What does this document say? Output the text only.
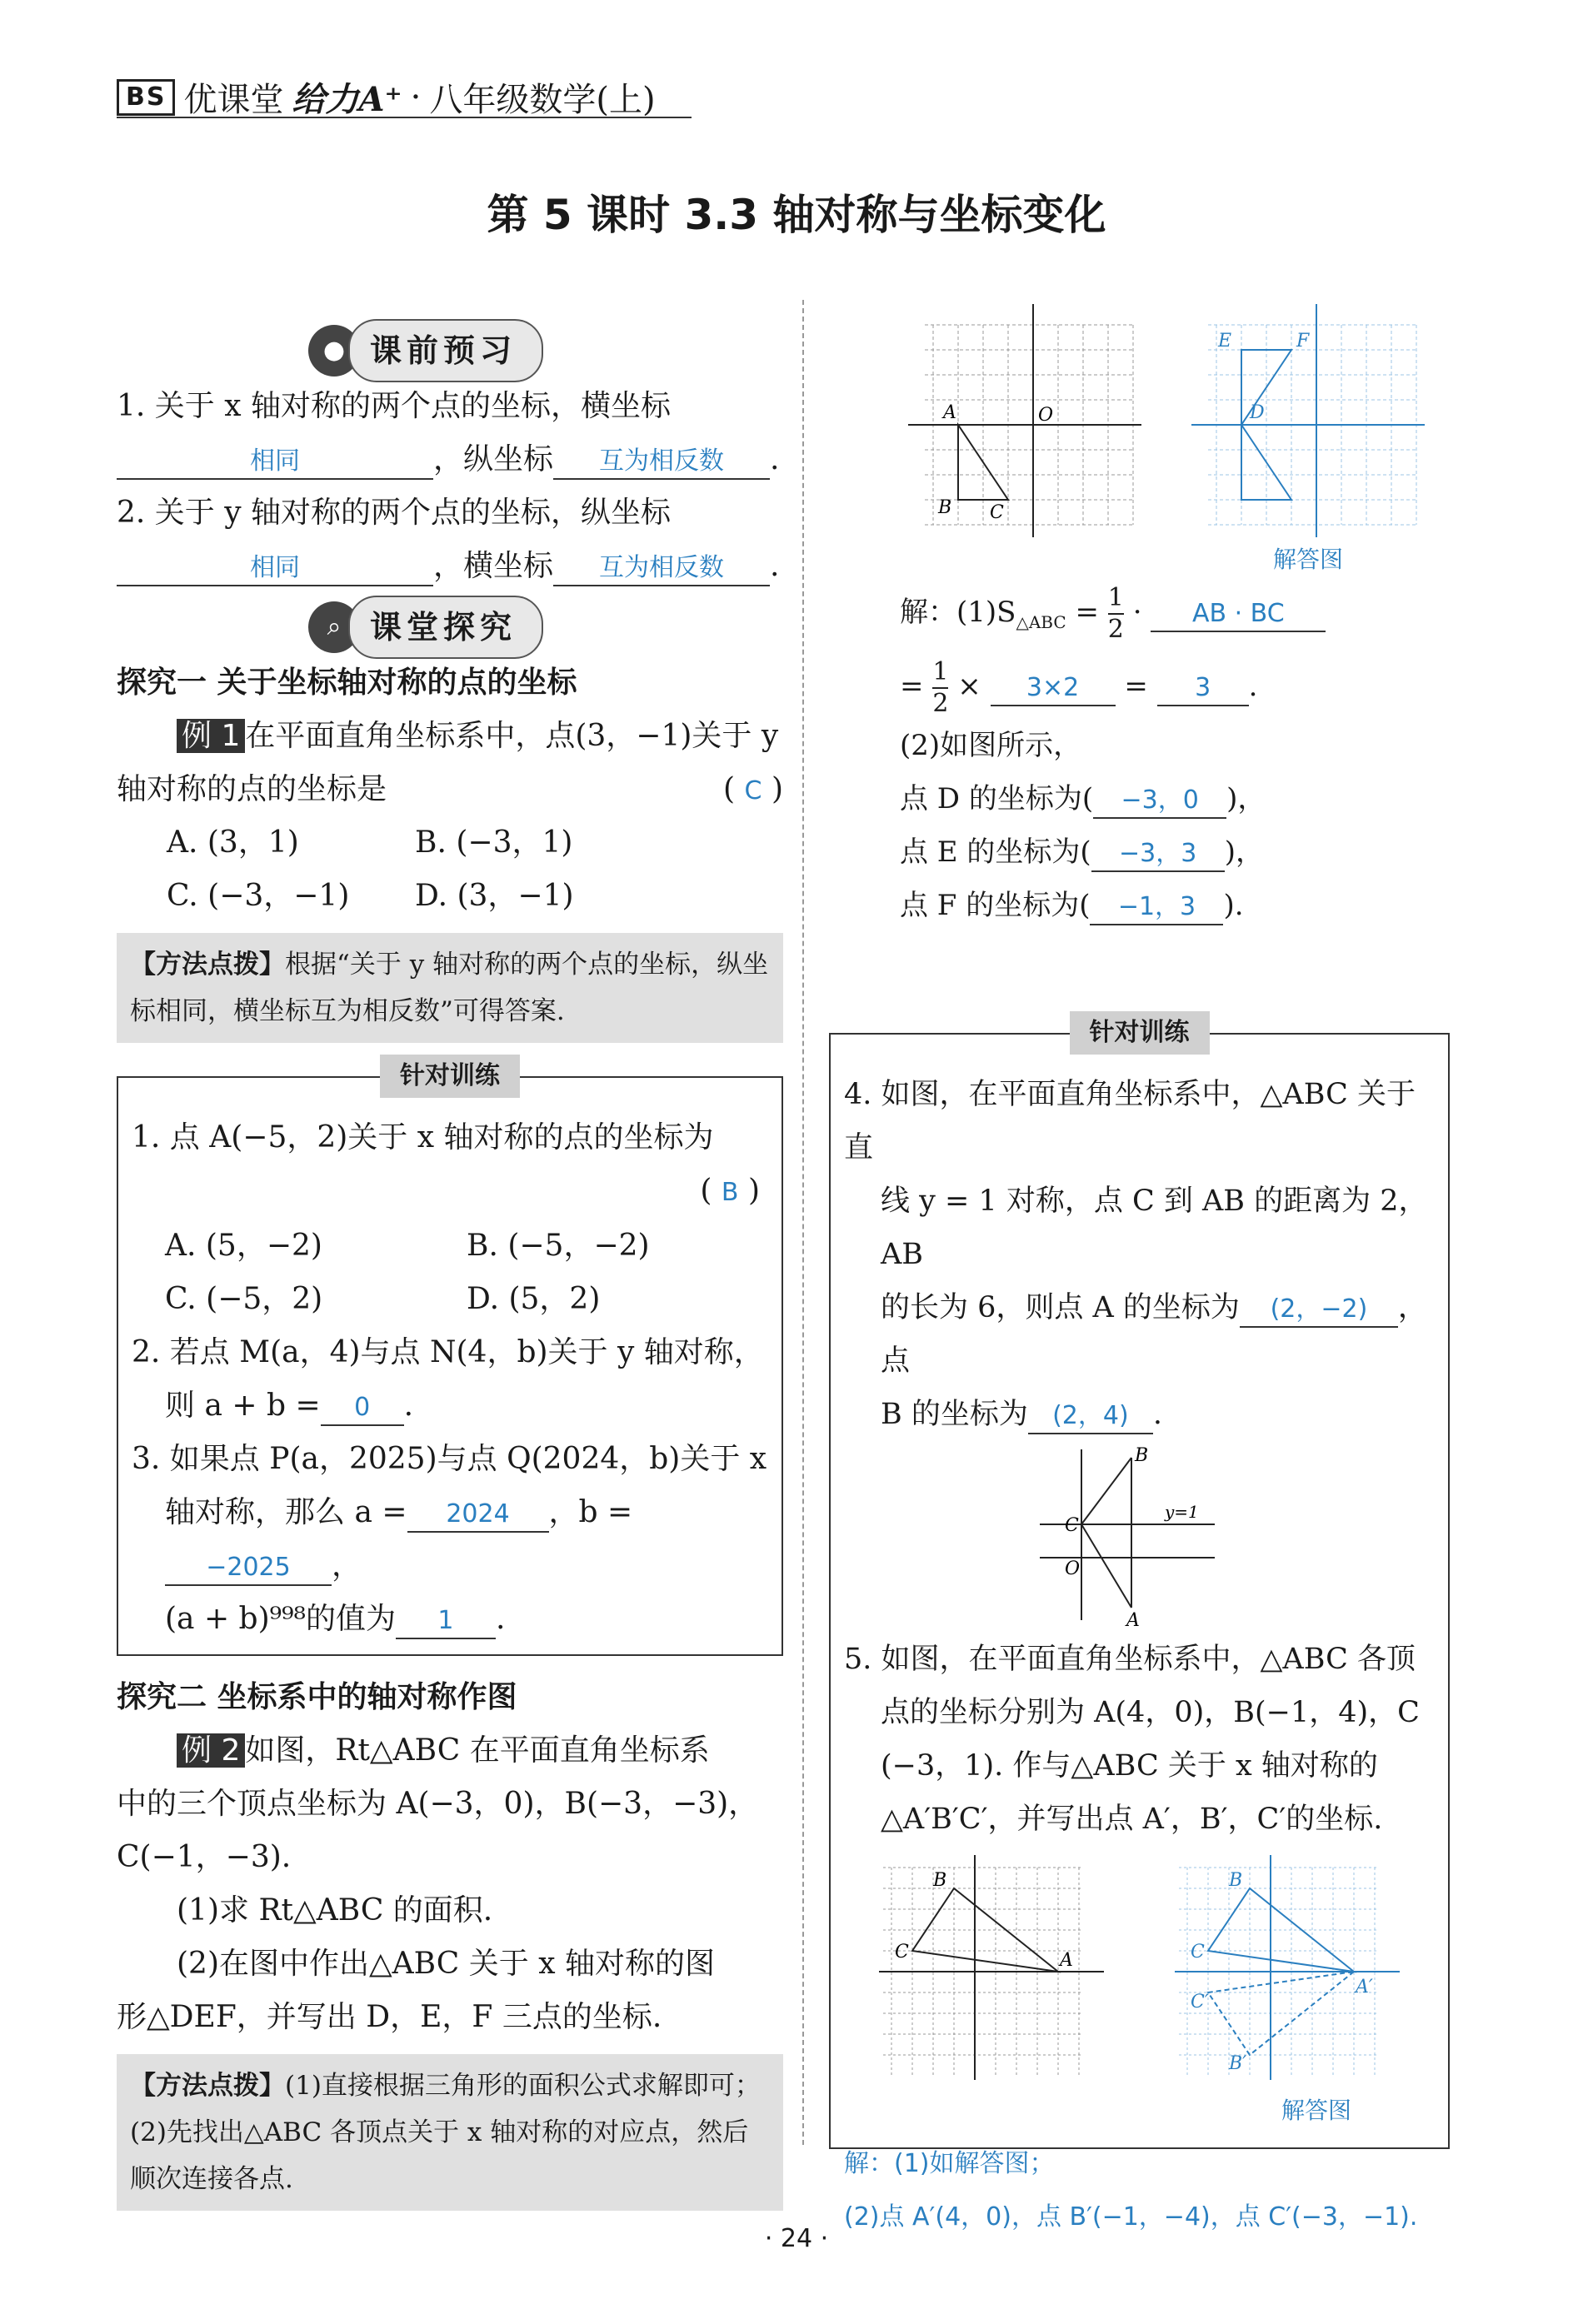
BS 优课堂 给力A⁺ · 八年级数学(上)
第 5 课时 3.3 轴对称与坐标变化
● 课前预习
1. 关于 x 轴对称的两个点的坐标，横坐标相同	，纵坐标 互为相反数 .
2. 关于 y 轴对称的两个点的坐标，纵坐标相同	，横坐标 互为相反数 .
⌕ 课堂探究
探究一 关于坐标轴对称的点的坐标
例 1 在平面直角坐标系中，点(3，−1)关于 y 轴对称的点的坐标是	( C )
A. (3，1)	B. (−3，1)
C. (−3，−1)	D. (3，−1)
【方法点拨】根据“关于 y 轴对称的两个点的坐标，纵坐标相同，横坐标互为相反数”可得答案.
针对训练
1. 点 A(−5，2)关于 x 轴对称的点的坐标为
( B )
A. (5，−2)	B. (−5，−2)
C. (−5，2)	D. (5，2)
2. 若点 M(a，4)与点 N(4，b)关于 y 轴对称，
则 a + b = 0 .
3. 如果点 P(a，2025)与点 Q(2024，b)关于 x
轴对称，那么 a = 2024 ，b =−2025 ，
(a + b)⁹⁹⁸的值为 1 .
探究二 坐标系中的轴对称作图
例 2 如图，Rt△ABC 在平面直角坐标系
中的三个顶点坐标为 A(−3，0)，B(−3，−3)，
C(−1，−3).
(1)求 Rt△ABC 的面积.
(2)在图中作出△ABC 关于 x 轴对称的图
形△DEF，并写出 D，E，F 三点的坐标.
【方法点拨】(1)直接根据三角形的面积公式求解即可；(2)先找出△ABC 各顶点关于 x 轴对称的对应点，然后顺次连接各点.
A
B C
O
E	F
D
解答图
解：$(1)S_{\triangle ABC} = \frac{1}{2}$ · AB · BC
= $\frac{1}{2} \times 3\times 2 = 3$ .
(2)如图所示，
点 D 的坐标为( −3，0 )，
点 E 的坐标为( −3，3 )，
点 F 的坐标为( −1，3 ).
针对训练
4. 如图，在平面直角坐标系中，△ABC 关于直
线 y = 1 对称，点 C 到 AB 的距离为 2，AB
的长为 6，则点 A 的坐标为 (2，−2) ，点
B 的坐标为 (2，4) .
C
B
A
O
y=1
5. 如图，在平面直角坐标系中，△ABC 各顶
点的坐标分别为 A(4，0)，B(−1，4)，C
(−3，1). 作与△ABC 关于 x 轴对称的
△A′B′C′，并写出点 A′，B′，C′的坐标.
B
C	A
B
C
B′
C′
A′
解答图
解：(1)如解答图；
(2)点 A′(4，0)，点 B′(−1，−4)，点 C′(−3，−1).
· 24 ·
